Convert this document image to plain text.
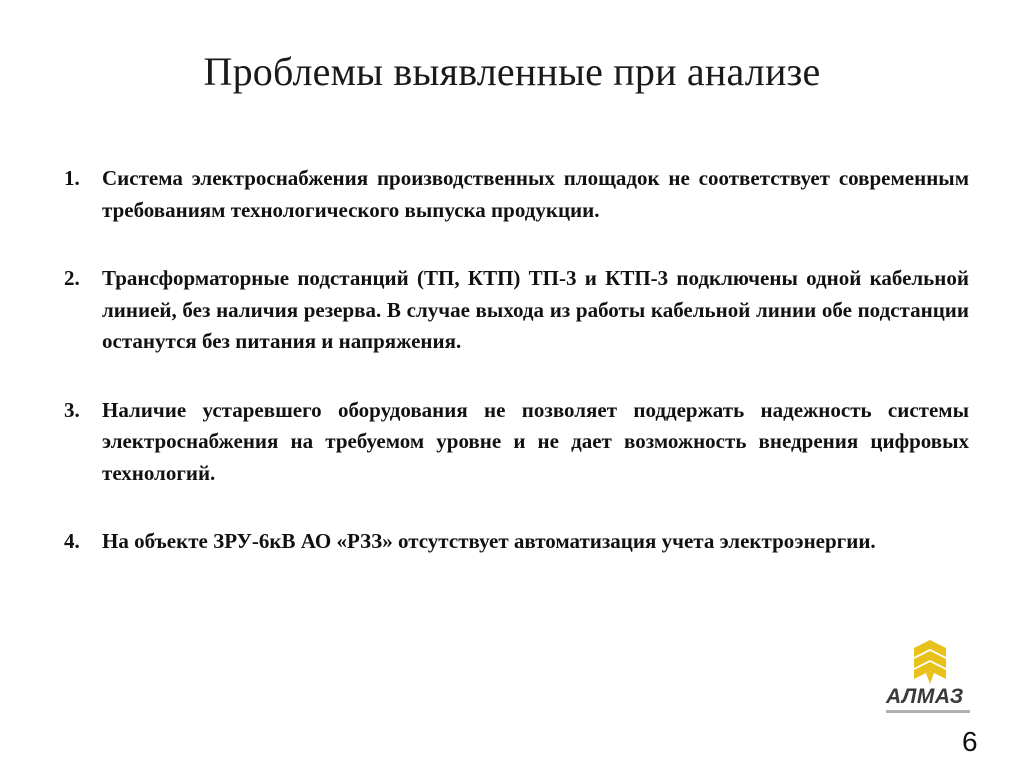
Проблемы выявленные при анализе
1. Система электроснабжения производственных площадок не соответствует современным требованиям технологического выпуска продукции.
2. Трансформаторные подстанций (ТП, КТП) ТП-3 и КТП-3 подключены одной кабельной линией, без наличия резерва. В случае выхода из работы кабельной линии обе подстанции останутся без питания и напряжения.
3. Наличие устаревшего оборудования не позволяет поддержать надежность системы электроснабжения на требуемом уровне и не дает возможность внедрения цифровых технологий.
4. На объекте ЗРУ-6кВ АО «РЗЗ» отсутствует автоматизация учета электроэнергии.
АЛМАЗ
6
